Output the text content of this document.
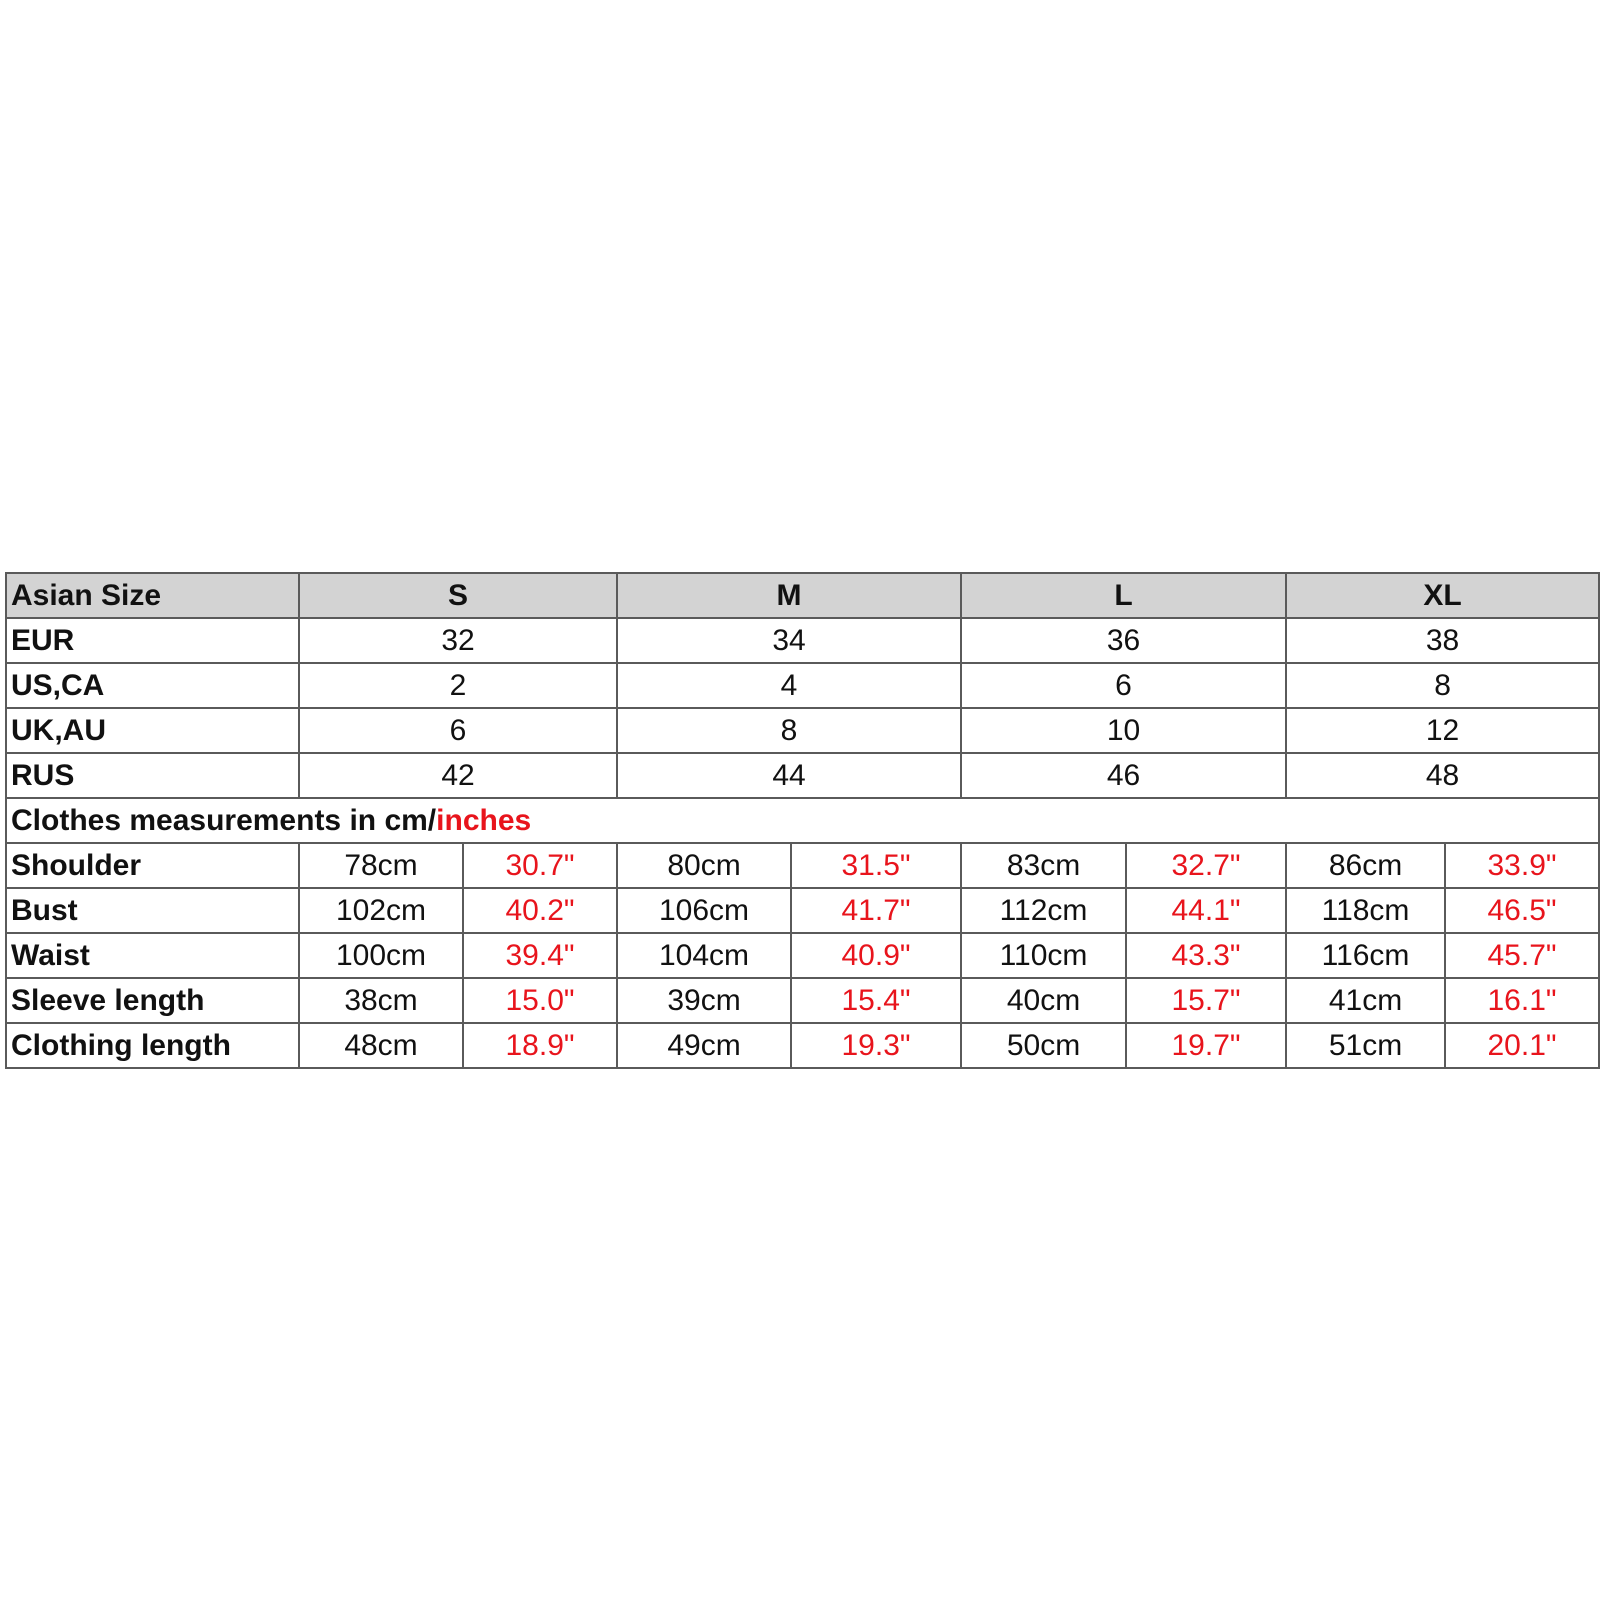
Asian Size	S		M		L		XL	
EUR	32		34		36		38	
US,CA	2		4		6		8	
UK,AU	6		8		10		12	
RUS	42		44		46		48	
Clothes measurements in cm/inches								
Shoulder	78cm	30.7"	80cm	31.5"	83cm	32.7"	86cm	33.9"
Bust	102cm	40.2"	106cm	41.7"	112cm	44.1"	118cm	46.5"
Waist	100cm	39.4"	104cm	40.9"	110cm	43.3"	116cm	45.7"
Sleeve length	38cm	15.0"	39cm	15.4"	40cm	15.7"	41cm	16.1"
Clothing length	48cm	18.9"	49cm	19.3"	50cm	19.7"	51cm	20.1"
